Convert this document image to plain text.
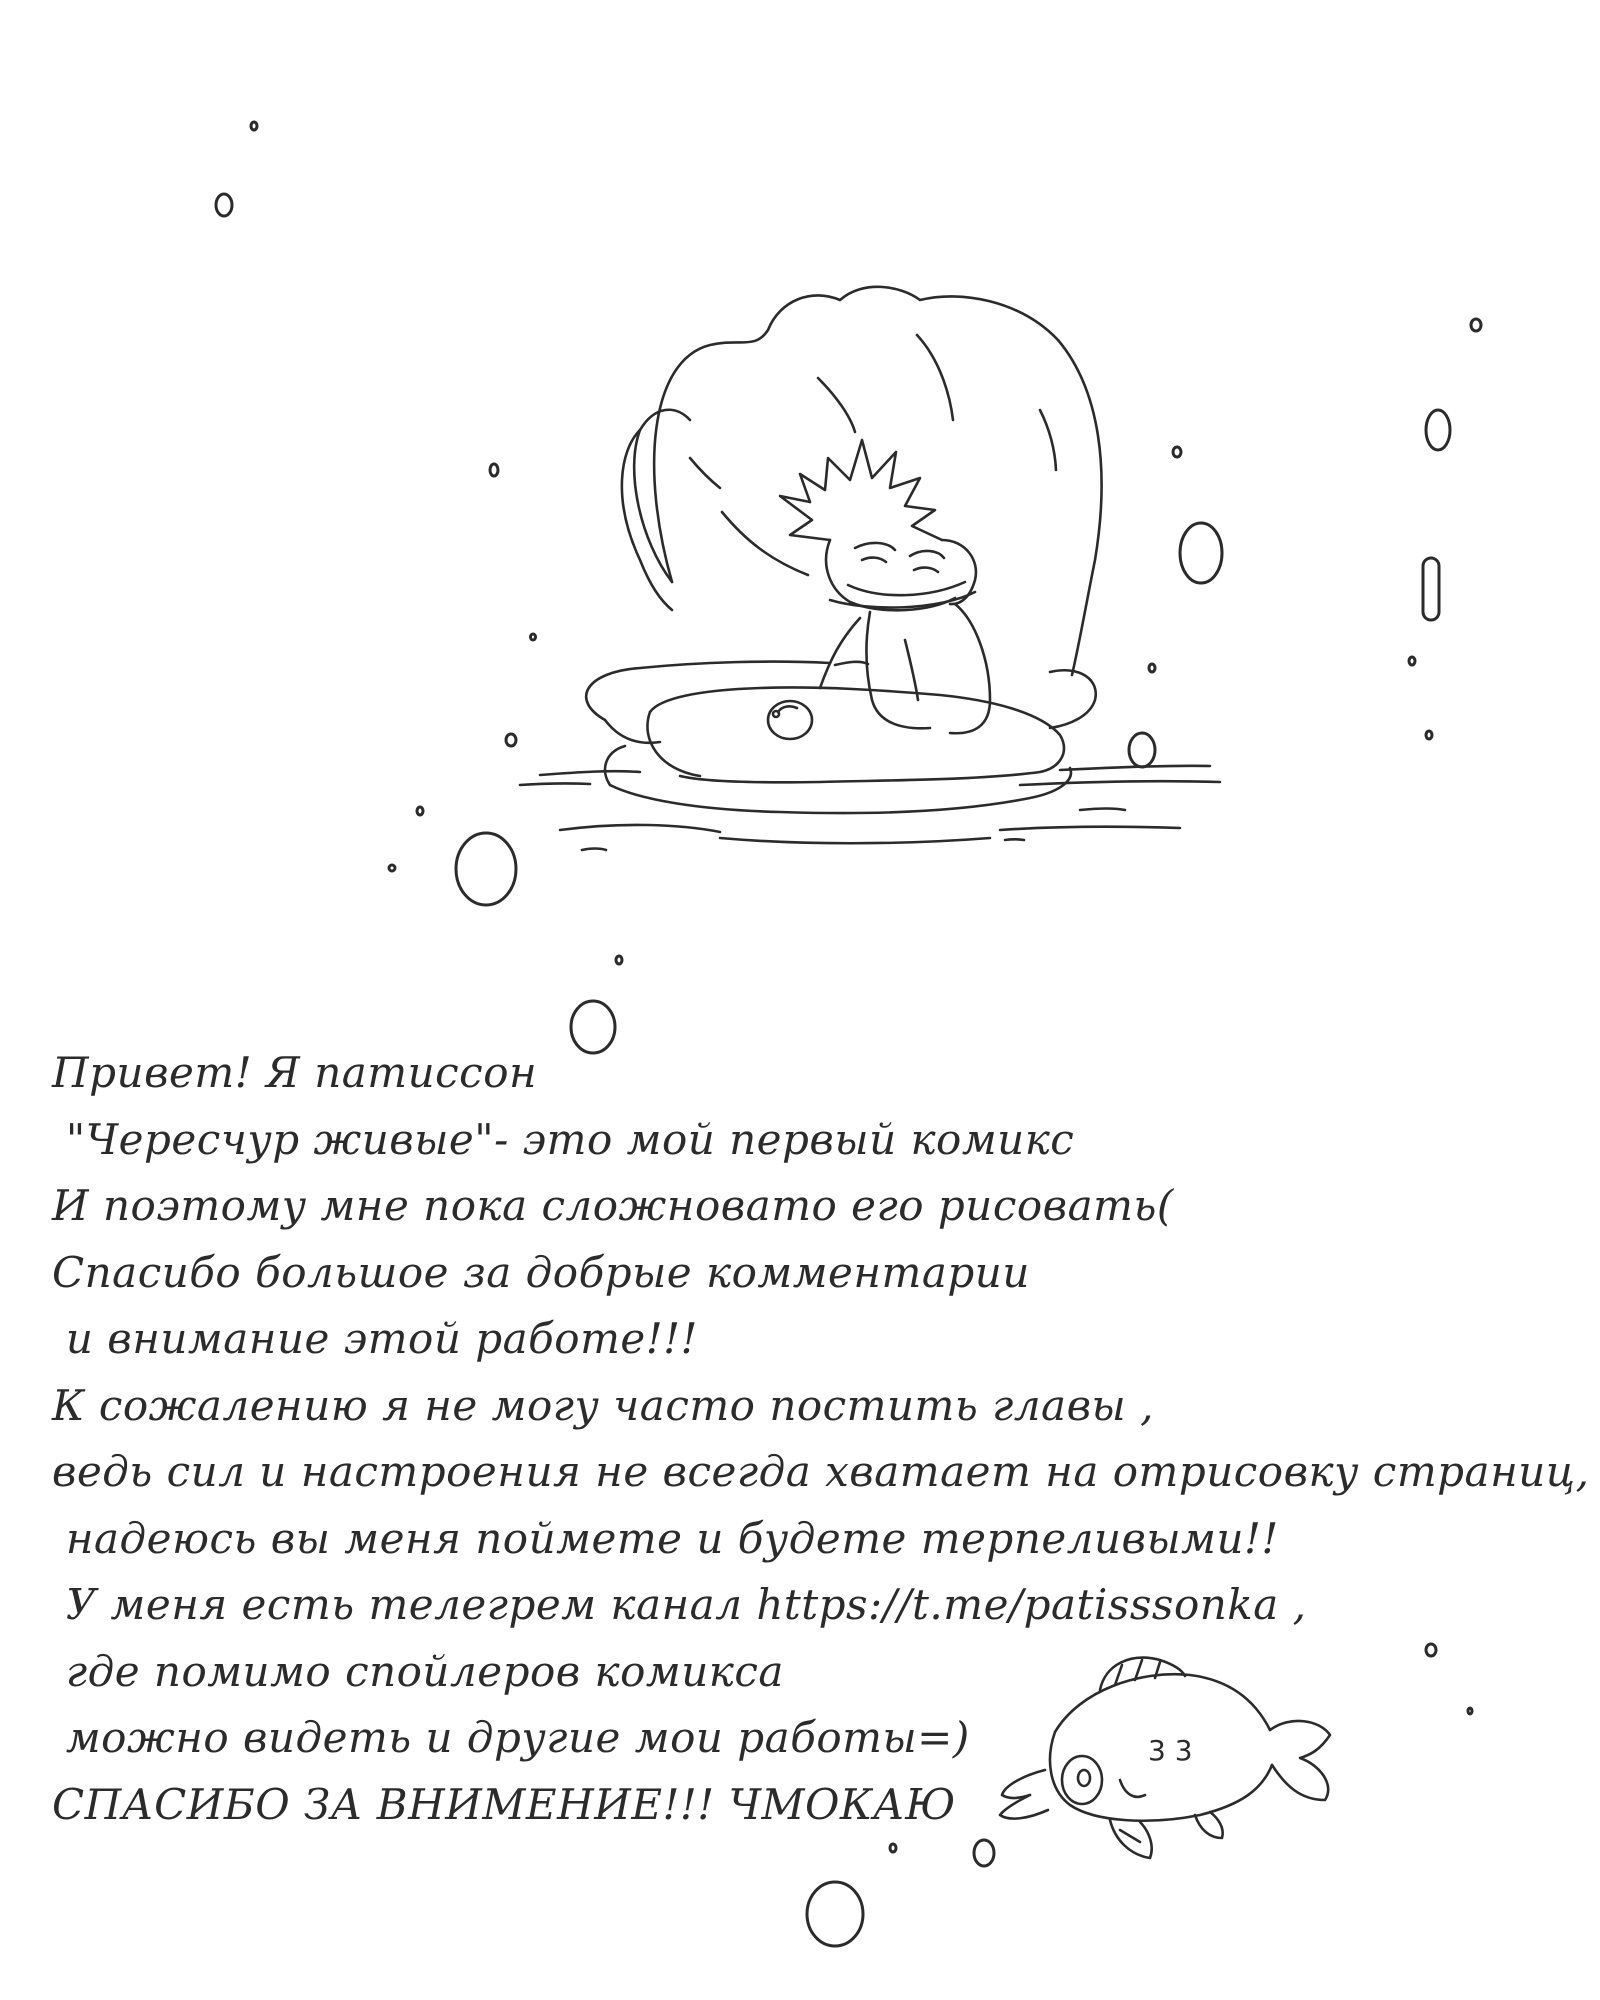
3 3
Привет! Я патиссон
"Чересчур живые"- это мой первый комикс
И поэтому мне пока сложновато его рисовать(
Спасибо большое за добрые комментарии
и внимание этой работе!!!
К сожалению я не могу часто постить главы ,
ведь сил и настроения не всегда хватает на отрисовку страниц,
надеюсь вы меня поймете и будете терпеливыми!!
У меня есть телегрем канал https://t.me/patisssonka ,
где помимо спойлеров комикса
можно видеть и другие мои работы=)
СПАСИБО ЗА ВНИМЕНИЕ!!! ЧМОКАЮ
